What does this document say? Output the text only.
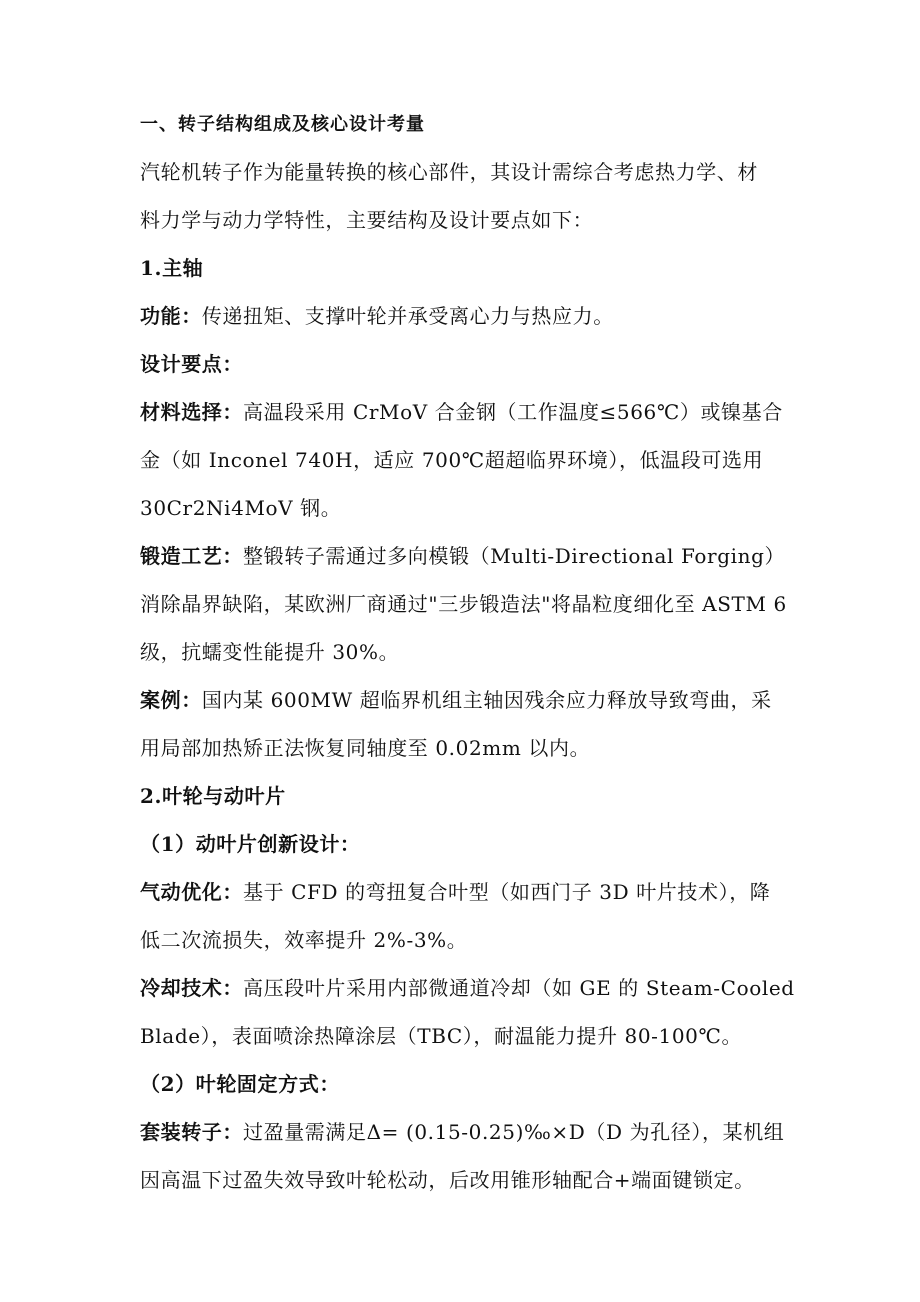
一、转子结构组成及核心设计考量
汽轮机转子作为能量转换的核心部件，其设计需综合考虑热力学、材
料力学与动力学特性，主要结构及设计要点如下：
1.主轴
功能：传递扭矩、支撑叶轮并承受离心力与热应力。
设计要点：
材料选择：高温段采用 CrMoV 合金钢（工作温度≤566℃）或镍基合
金（如 Inconel 740H，适应 700℃超超临界环境），低温段可选用
30Cr2Ni4MoV 钢。
锻造工艺：整锻转子需通过多向模锻（Multi-Directional Forging）
消除晶界缺陷，某欧洲厂商通过"三步锻造法"将晶粒度细化至 ASTM 6
级，抗蠕变性能提升 30%。
案例：国内某 600MW 超临界机组主轴因残余应力释放导致弯曲，采
用局部加热矫正法恢复同轴度至 0.02mm 以内。
2.叶轮与动叶片
（1）动叶片创新设计：
气动优化：基于 CFD 的弯扭复合叶型（如西门子 3D 叶片技术），降
低二次流损失，效率提升 2%-3%。
冷却技术：高压段叶片采用内部微通道冷却（如 GE 的 Steam-Cooled
Blade），表面喷涂热障涂层（TBC），耐温能力提升 80-100℃。
（2）叶轮固定方式：
套装转子：过盈量需满足Δ= (0.15-0.25)‰×D（D 为孔径），某机组
因高温下过盈失效导致叶轮松动，后改用锥形轴配合+端面键锁定。
